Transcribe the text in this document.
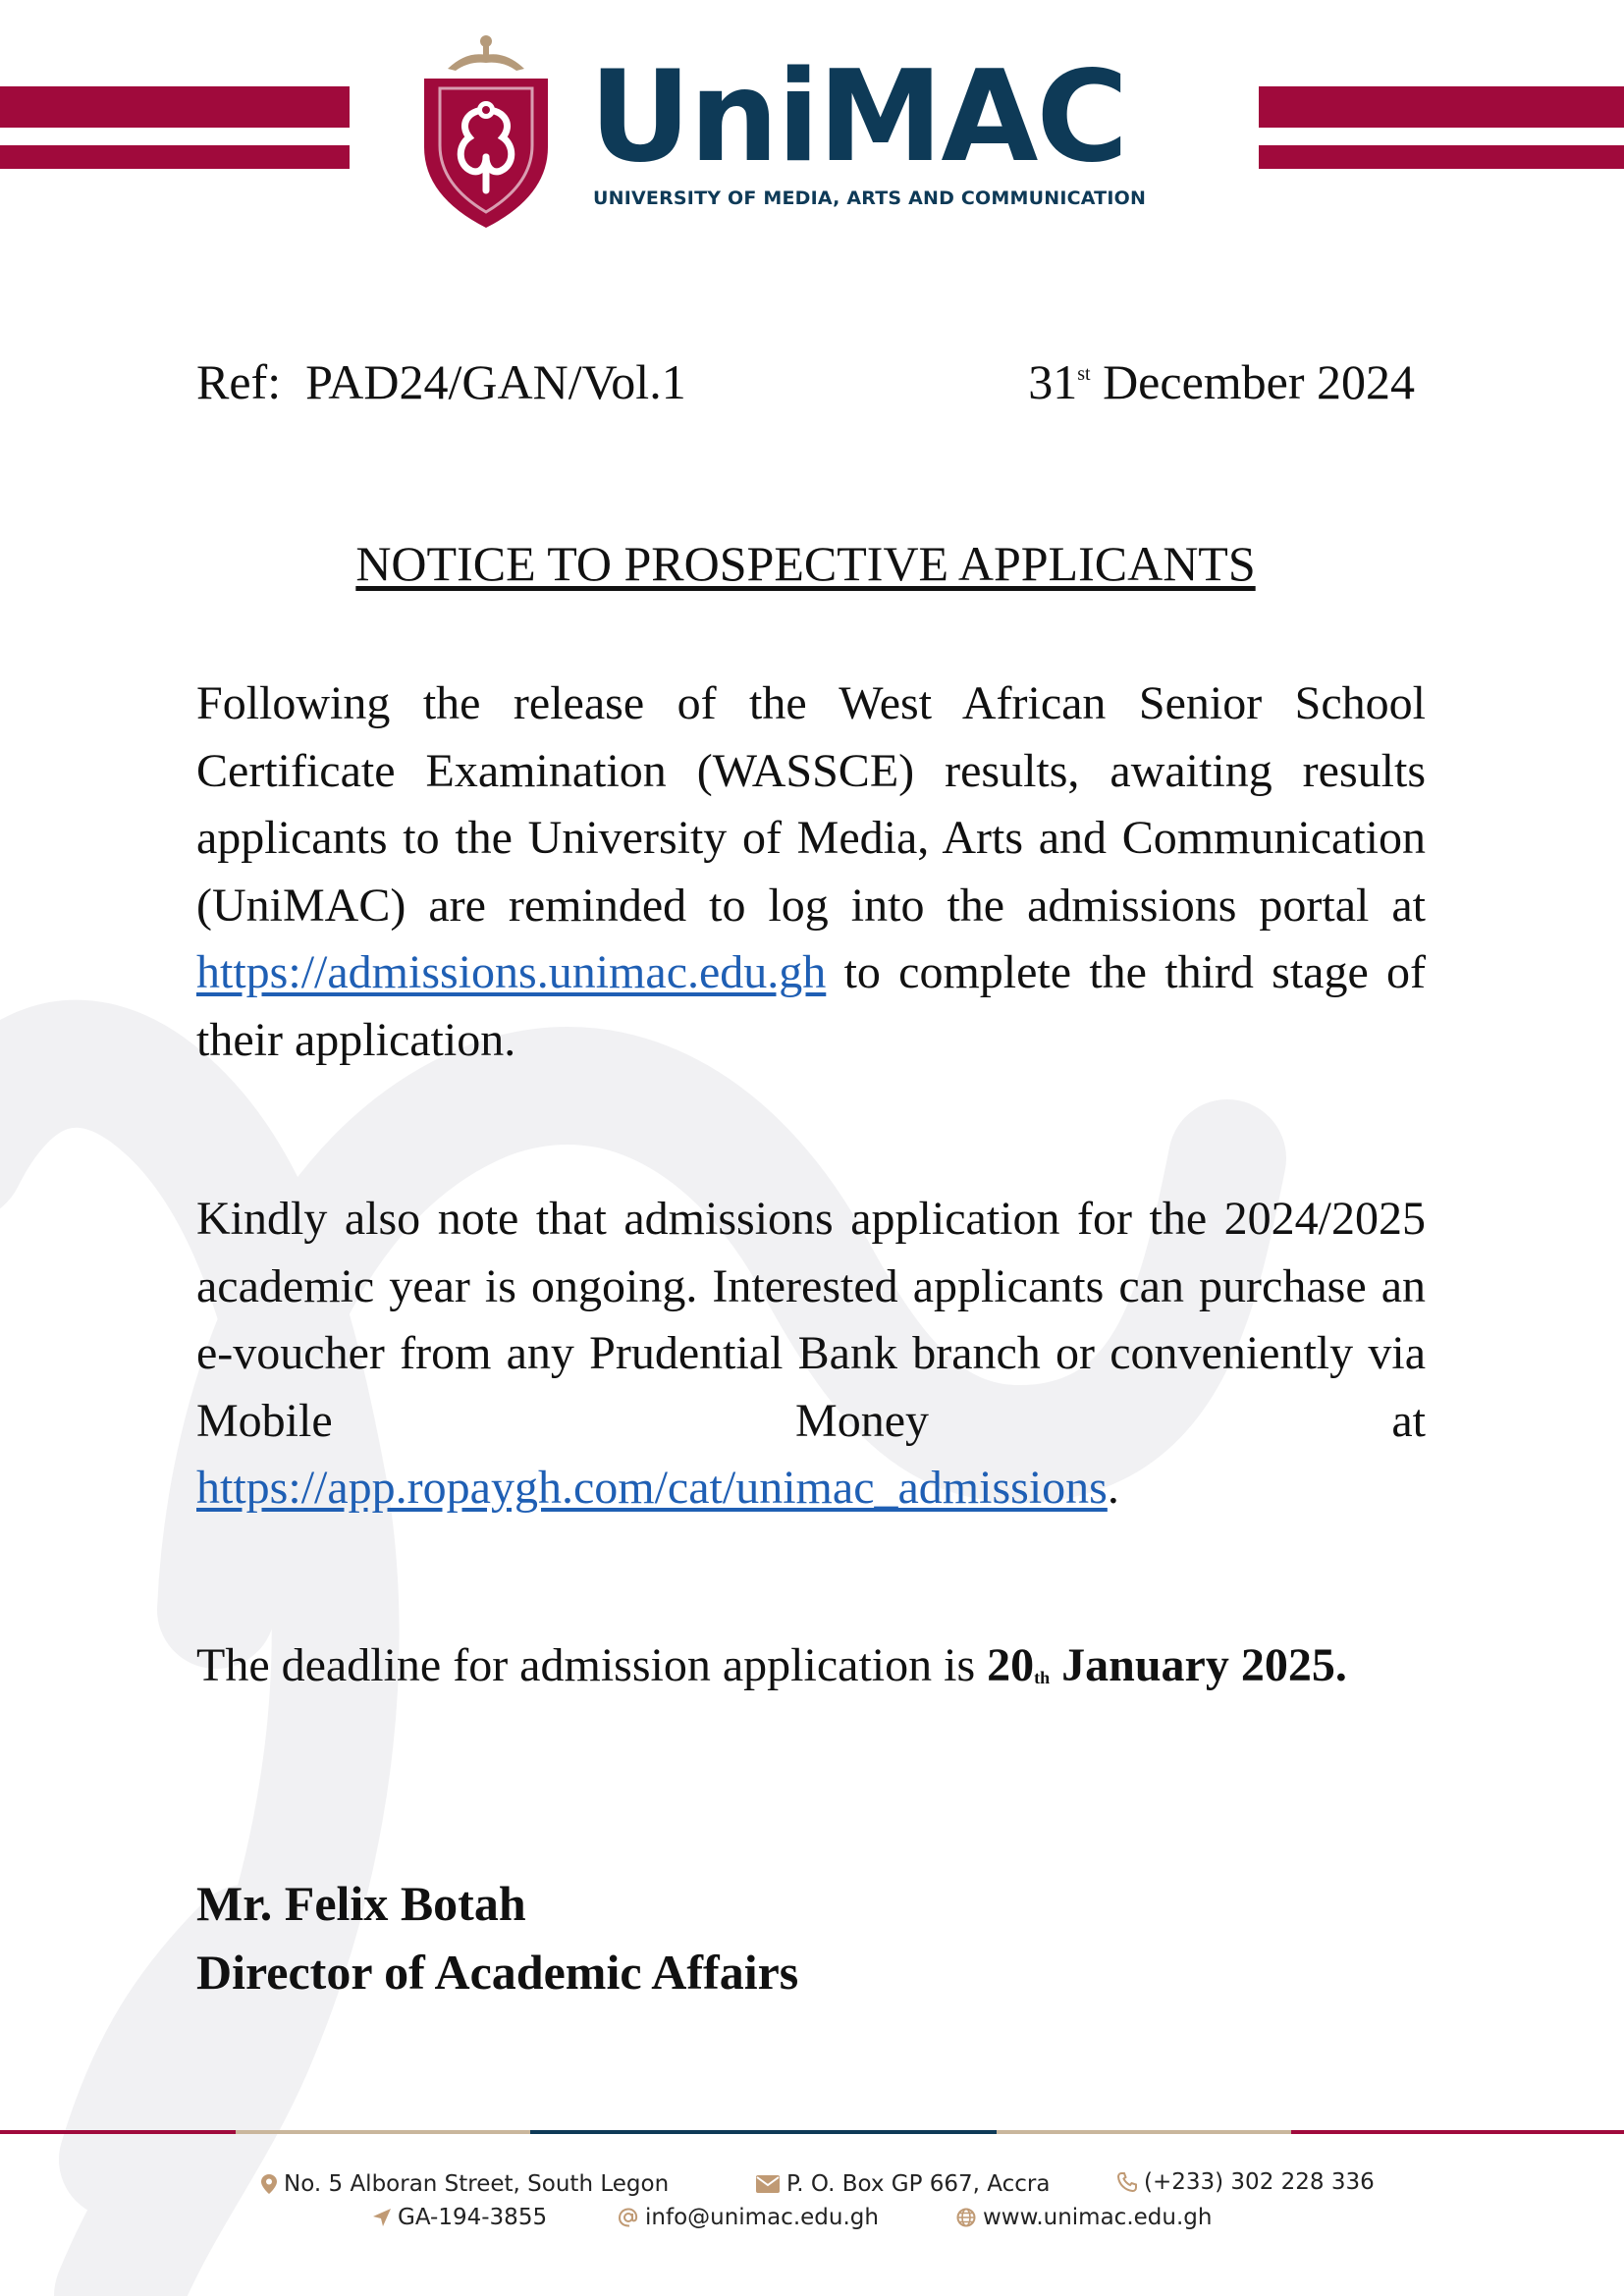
UniMAC
UNIVERSITY OF MEDIA, ARTS AND COMMUNICATION
Ref: PAD24/GAN/Vol.1	31st December 2024
NOTICE TO PROSPECTIVE APPLICANTS
Following the release of the West African Senior School Certificate Examination (WASSCE) results, awaiting results applicants to the University of Media, Arts and Communication (UniMAC) are reminded to log into the admissions portal at https://admissions.unimac.edu.gh to complete the third stage of their application.
Kindly also note that admissions application for the 2024/2025 academic year is ongoing. Interested applicants can purchase an e-voucher from any Prudential Bank branch or conveniently via Mobile Money at https://app.ropaygh.com/cat/unimac_admissions.
The deadline for admission application is 20th January 2025.
Mr. Felix Botah
Director of Academic Affairs
No. 5 Alboran Street, South Legon	P. O. Box GP 667, Accra	(+233) 302 228 336
GA-194-3855	info@unimac.edu.gh	www.unimac.edu.gh
